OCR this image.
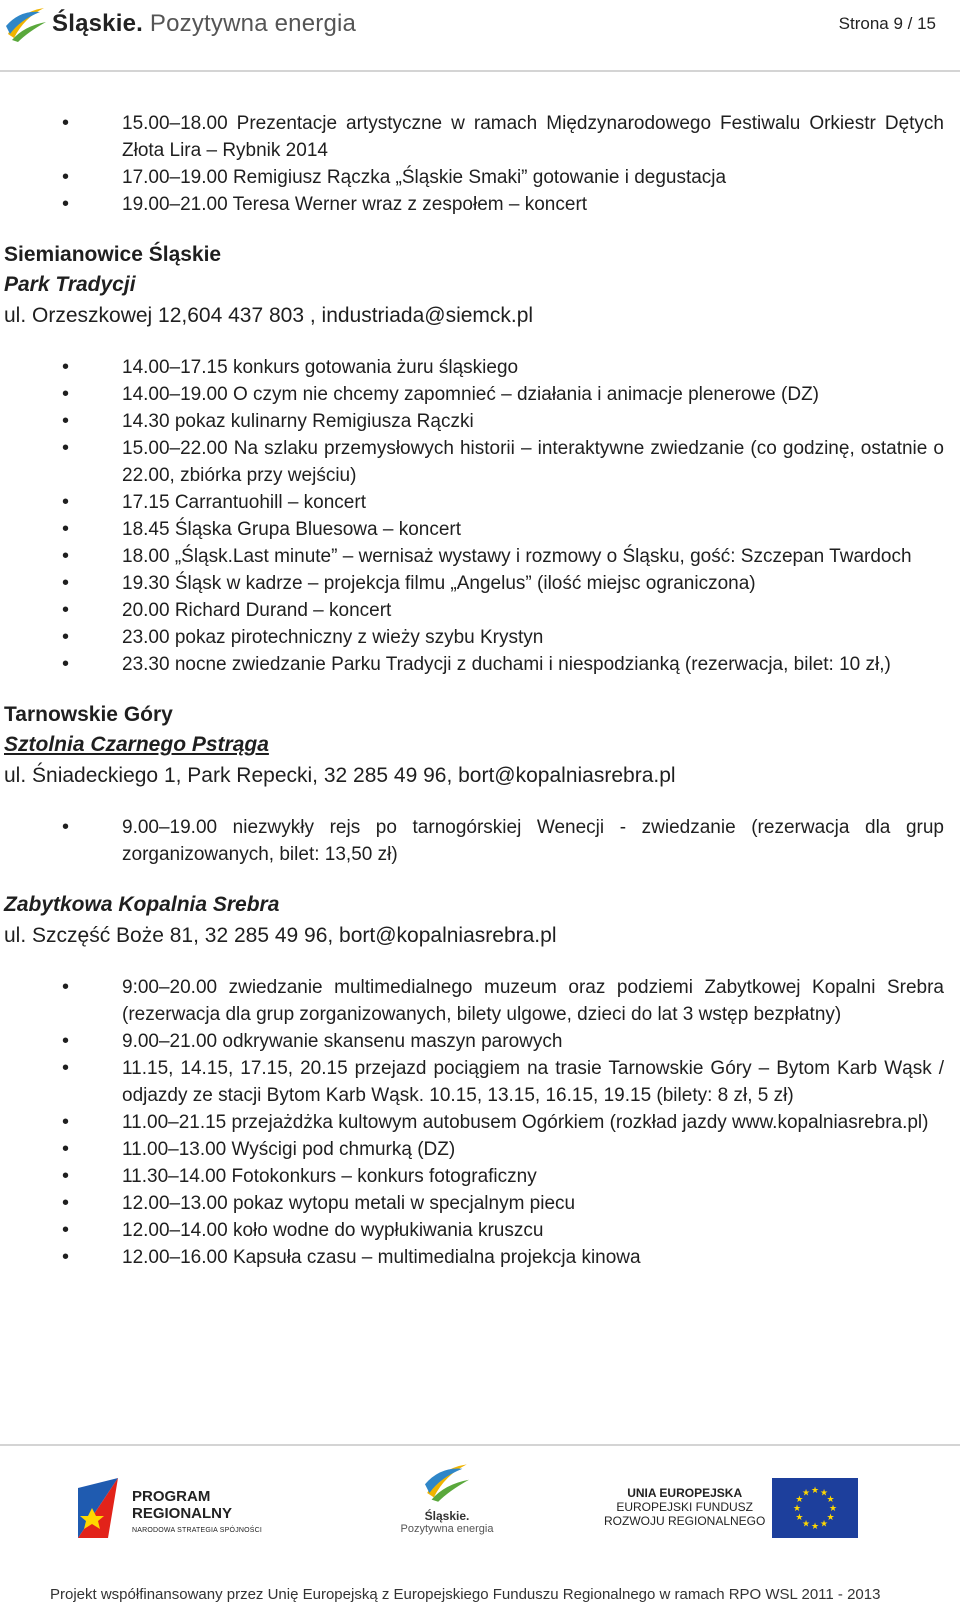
Śląskie. Pozytywna energia	Strona 9 / 15
• 15.00–18.00 Prezentacje artystyczne w ramach Międzynarodowego Festiwalu Orkiestr Dętych Złota Lira – Rybnik 2014
• 17.00–19.00 Remigiusz Rączka „Śląskie Smaki” gotowanie i degustacja
• 19.00–21.00 Teresa Werner wraz z zespołem – koncert

Siemianowice Śląskie

Park Tradycji

ul. Orzeszkowej 12,604 437 803 , industriada@siemck.pl

• 14.00–17.15 konkurs gotowania żuru śląskiego
• 14.00–19.00 O czym nie chcemy zapomnieć – działania i animacje plenerowe (DZ)
• 14.30 pokaz kulinarny Remigiusza Rączki
• 15.00–22.00 Na szlaku przemysłowych historii – interaktywne zwiedzanie (co godzinę, ostatnie o 22.00, zbiórka przy wejściu)
• 17.15 Carrantuohill – koncert
• 18.45 Śląska Grupa Bluesowa – koncert
• 18.00 „Śląsk.Last minute” – wernisaż wystawy i rozmowy o Śląsku, gość: Szczepan Twardoch
• 19.30 Śląsk w kadrze – projekcja filmu „Angelus” (ilość miejsc ograniczona)
• 20.00 Richard Durand – koncert
• 23.00 pokaz pirotechniczny z wieży szybu Krystyn
• 23.30 nocne zwiedzanie Parku Tradycji z duchami i niespodzianką (rezerwacja, bilet: 10 zł,)

Tarnowskie Góry

Sztolnia Czarnego Pstrąga

ul. Śniadeckiego 1, Park Repecki, 32 285 49 96, bort@kopalniasrebra.pl

• 9.00–19.00 niezwykły rejs po tarnogórskiej Wenecji - zwiedzanie (rezerwacja dla grup zorganizowanych, bilet: 13,50 zł)

Zabytkowa Kopalnia Srebra

ul. Szczęść Boże 81, 32 285 49 96, bort@kopalniasrebra.pl

• 9:00–20.00 zwiedzanie multimedialnego muzeum oraz podziemi Zabytkowej Kopalni Srebra (rezerwacja dla grup zorganizowanych, bilety ulgowe, dzieci do lat 3 wstęp bezpłatny)
• 9.00–21.00 odkrywanie skansenu maszyn parowych
• 11.15, 14.15, 17.15, 20.15 przejazd pociągiem na trasie Tarnowskie Góry – Bytom Karb Wąsk / odjazdy ze stacji Bytom Karb Wąsk. 10.15, 13.15, 16.15, 19.15 (bilety: 8 zł, 5 zł)
• 11.00–21.15 przejażdżka kultowym autobusem Ogórkiem (rozkład jazdy www.kopalniasrebra.pl)
• 11.00–13.00 Wyścigi pod chmurką (DZ)
• 11.30–14.00 Fotokonkurs – konkurs fotograficzny
• 12.00–13.00 pokaz wytopu metali w specjalnym piecu
• 12.00–14.00 koło wodne do wypłukiwania kruszcu
• 12.00–16.00 Kapsuła czasu – multimedialna projekcja kinowa
PROGRAM
REGIONALNY
NARODOWA STRATEGIA SPÓJNOŚCI
Śląskie.
Pozytywna energia
UNIA EUROPEJSKA
EUROPEJSKI FUNDUSZ
ROZWOJU REGIONALNEGO
★
★
★
★
★
★
★
★
★ ★ ★
★
Projekt współfinansowany przez Unię Europejską z Europejskiego Funduszu Regionalnego w ramach RPO WSL 2011 - 2013
